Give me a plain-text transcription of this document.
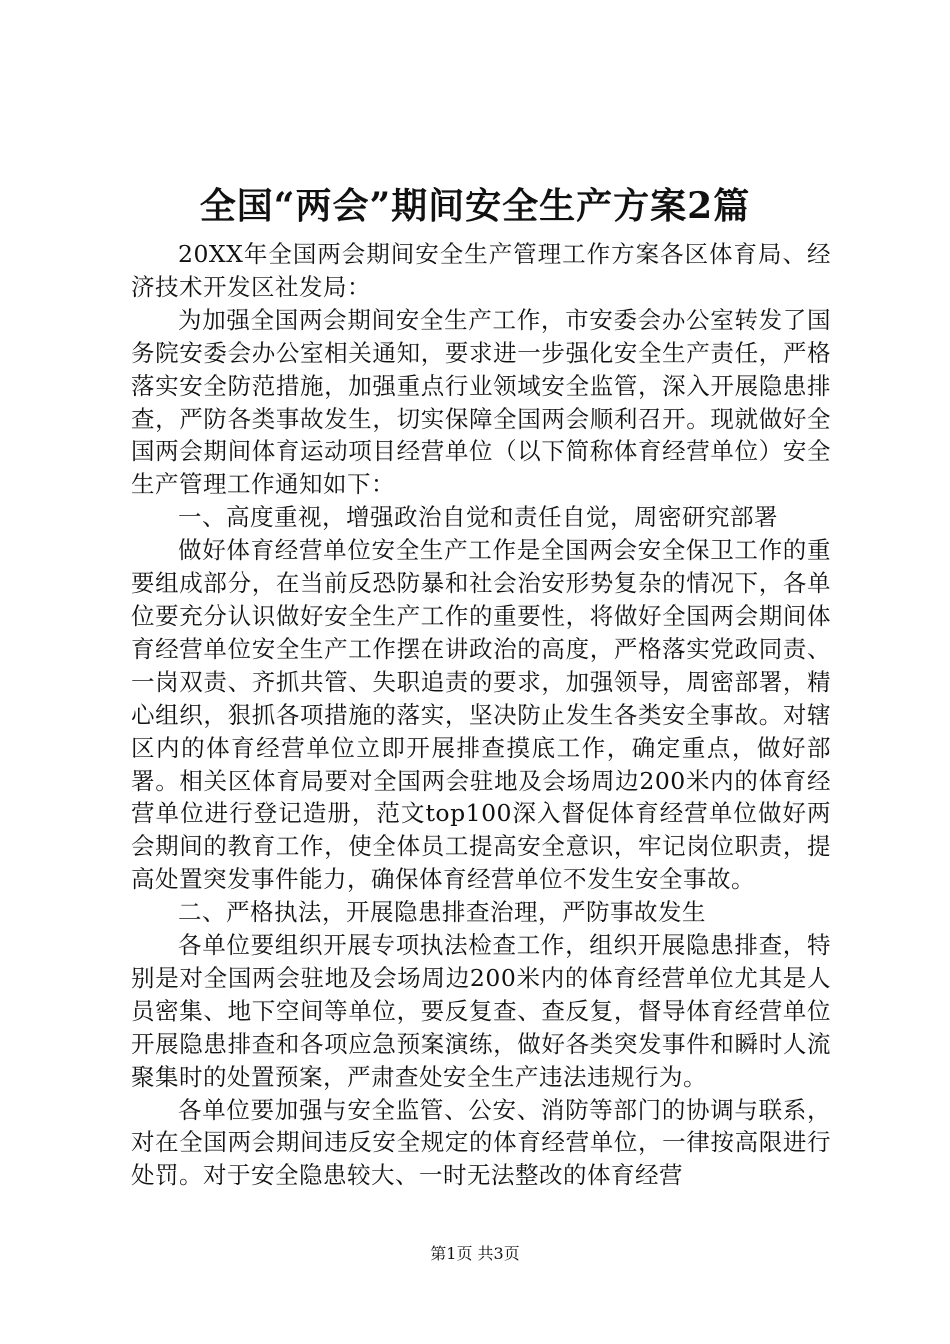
全国“两会”期间安全生产方案2篇

20XX年全国两会期间安全生产管理工作方案各区体育局、经济技术开发区社发局：

为加强全国两会期间安全生产工作，市安委会办公室转发了国务院安委会办公室相关通知，要求进一步强化安全生产责任，严格落实安全防范措施，加强重点行业领域安全监管，深入开展隐患排查，严防各类事故发生，切实保障全国两会顺利召开。现就做好全国两会期间体育运动项目经营单位（以下简称体育经营单位）安全生产管理工作通知如下：

一、高度重视，增强政治自觉和责任自觉，周密研究部署

做好体育经营单位安全生产工作是全国两会安全保卫工作的重要组成部分，在当前反恐防暴和社会治安形势复杂的情况下，各单位要充分认识做好安全生产工作的重要性，将做好全国两会期间体育经营单位安全生产工作摆在讲政治的高度，严格落实党政同责、一岗双责、齐抓共管、失职追责的要求，加强领导，周密部署，精心组织，狠抓各项措施的落实，坚决防止发生各类安全事故。对辖区内的体育经营单位立即开展排查摸底工作，确定重点，做好部署。相关区体育局要对全国两会驻地及会场周边200米内的体育经营单位进行登记造册，范文top100深入督促体育经营单位做好两会期间的教育工作，使全体员工提高安全意识，牢记岗位职责，提高处置突发事件能力，确保体育经营单位不发生安全事故。

二、严格执法，开展隐患排查治理，严防事故发生

各单位要组织开展专项执法检查工作，组织开展隐患排查，特别是对全国两会驻地及会场周边200米内的体育经营单位尤其是人员密集、地下空间等单位，要反复查、查反复，督导体育经营单位开展隐患排查和各项应急预案演练，做好各类突发事件和瞬时人流聚集时的处置预案，严肃查处安全生产违法违规行为。

各单位要加强与安全监管、公安、消防等部门的协调与联系，对在全国两会期间违反安全规定的体育经营单位，一律按高限进行处罚。对于安全隐患较大、一时无法整改的体育经营

第1页 共3页
